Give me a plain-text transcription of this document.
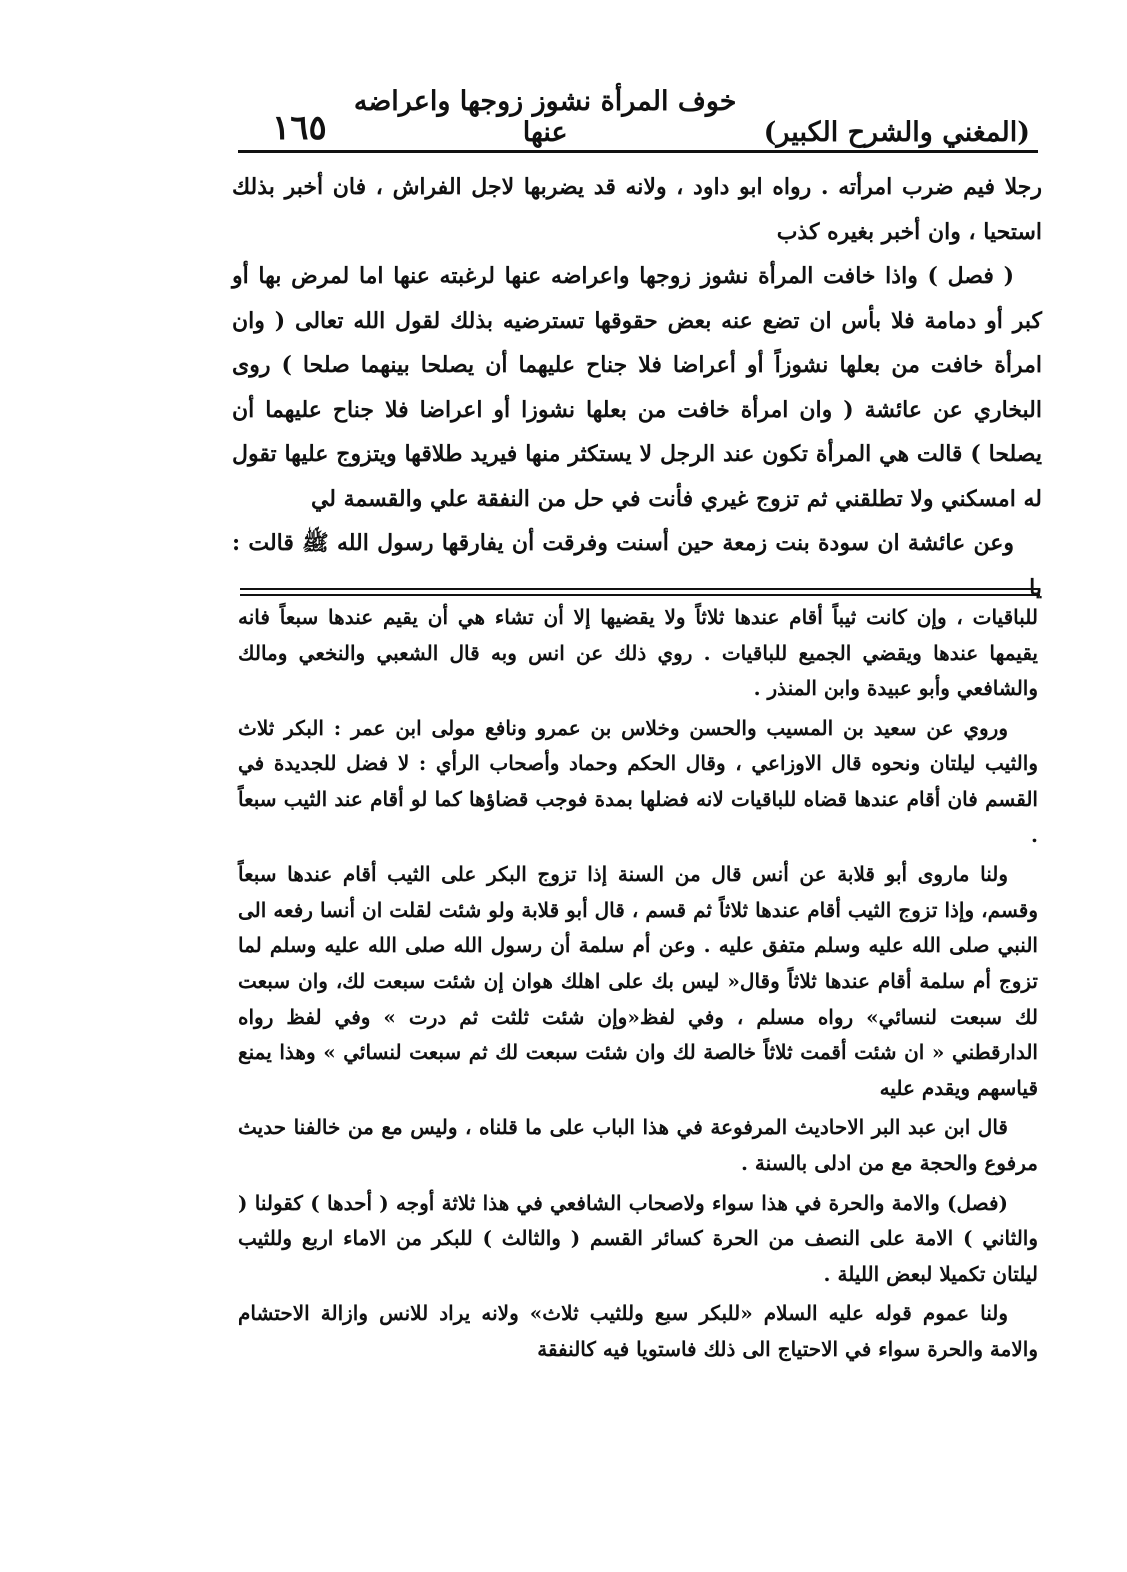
(المغني والشرح الكبير)
خوف المرأة نشوز زوجها واعراضه عنها
١٦٥

رجلا فيم ضرب امرأته . رواه ابو داود ، ولانه قد يضربها لاجل الفراش ، فان أخبر بذلك استحيا ، وان أخبر بغيره كذب

( فصل ) واذا خافت المرأة نشوز زوجها واعراضه عنها لرغبته عنها اما لمرض بها أو كبر أو دمامة فلا بأس ان تضع عنه بعض حقوقها تسترضيه بذلك لقول الله تعالى ( وان امرأة خافت من بعلها نشوزاً أو أعراضا فلا جناح عليهما أن يصلحا بينهما صلحا ) روى البخاري عن عائشة ( وان امرأة خافت من بعلها نشوزا أو اعراضا فلا جناح عليهما أن يصلحا ) قالت هي المرأة تكون عند الرجل لا يستكثر منها فيريد طلاقها ويتزوج عليها تقول له امسكني ولا تطلقني ثم تزوج غيري فأنت في حل من النفقة علي والقسمة لي

وعن عائشة ان سودة بنت زمعة حين أسنت وفرقت أن يفارقها رسول الله ﷺ قالت : يا

للباقيات ، وإن كانت ثيباً أقام عندها ثلاثاً ولا يقضيها إلا أن تشاء هي أن يقيم عندها سبعاً فانه يقيمها عندها ويقضي الجميع للباقيات . روي ذلك عن انس وبه قال الشعبي والنخعي ومالك والشافعي وأبو عبيدة وابن المنذر .

وروي عن سعيد بن المسيب والحسن وخلاس بن عمرو ونافع مولى ابن عمر : البكر ثلاث والثيب ليلتان ونحوه قال الاوزاعي ، وقال الحكم وحماد وأصحاب الرأي : لا فضل للجديدة في القسم فان أقام عندها قضاه للباقيات لانه فضلها بمدة فوجب قضاؤها كما لو أقام عند الثيب سبعاً .

ولنا ماروى أبو قلابة عن أنس قال من السنة إذا تزوج البكر على الثيب أقام عندها سبعاً وقسم، وإذا تزوج الثيب أقام عندها ثلاثاً ثم قسم ، قال أبو قلابة ولو شئت لقلت ان أنسا رفعه الى النبي صلى الله عليه وسلم متفق عليه . وعن أم سلمة أن رسول الله صلى الله عليه وسلم لما تزوج أم سلمة أقام عندها ثلاثاً وقال« ليس بك على اهلك هوان إن شئت سبعت لك، وان سبعت لك سبعت لنسائي» رواه مسلم ، وفي لفظ«وإن شئت ثلثت ثم درت » وفي لفظ رواه الدارقطني « ان شئت أقمت ثلاثاً خالصة لك وان شئت سبعت لك ثم سبعت لنسائي » وهذا يمنع قياسهم ويقدم عليه

قال ابن عبد البر الاحاديث المرفوعة في هذا الباب على ما قلناه ، وليس مع من خالفنا حديث مرفوع والحجة مع من ادلى بالسنة .

(فصل) والامة والحرة في هذا سواء ولاصحاب الشافعي في هذا ثلاثة أوجه ( أحدها ) كقولنا ( والثاني ) الامة على النصف من الحرة كسائر القسم ( والثالث ) للبكر من الاماء اربع وللثيب ليلتان تكميلا لبعض الليلة .

ولنا عموم قوله عليه السلام «للبكر سبع وللثيب ثلاث» ولانه يراد للانس وازالة الاحتشام والامة والحرة سواء في الاحتياج الى ذلك فاستويا فيه كالنفقة
